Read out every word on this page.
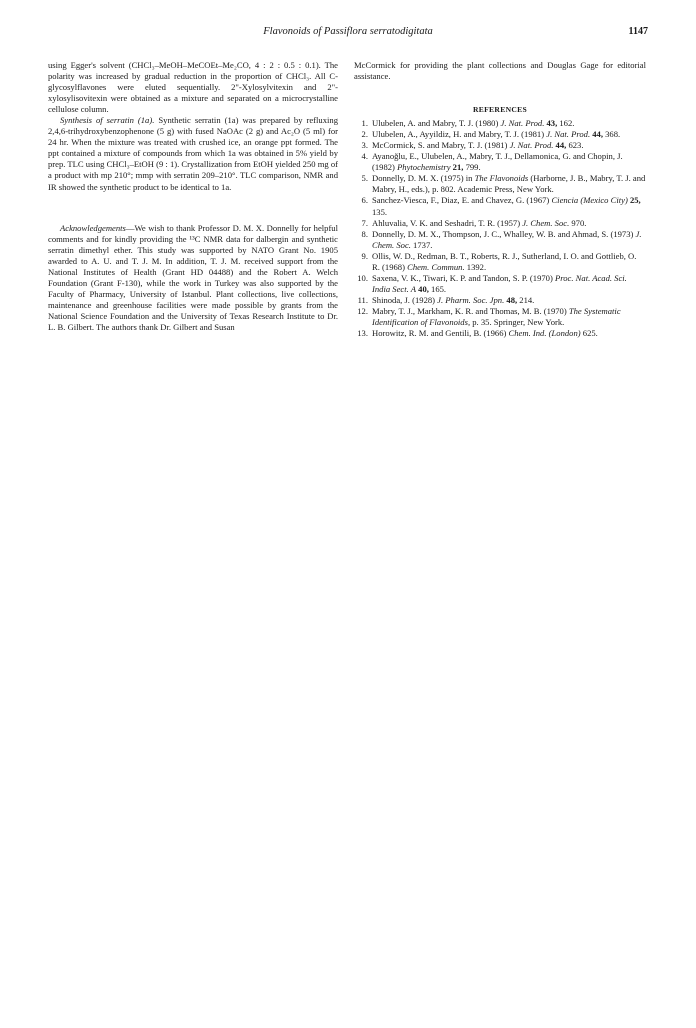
Flavonoids of Passiflora serratodigitata	1147

using Egger's solvent (CHCl₃–MeOH–MeCOEt–Me₂CO, 4 : 2 : 0.5 : 0.1). The polarity was increased by gradual reduction in the proportion of CHCl₃. All C-glycosylflavones were eluted sequentially. 2"-Xylosylvitexin and 2"-xylosylisovitexin were obtained as a mixture and separated on a microcrystalline cellulose column.

Synthesis of serratin (1a). Synthetic serratin (1a) was prepared by refluxing 2,4,6-trihydroxybenzophenone (5 g) with fused NaOAc (2 g) and Ac₂O (5 ml) for 24 hr. When the mixture was treated with crushed ice, an orange ppt formed. The ppt contained a mixture of compounds from which 1a was obtained in 5% yield by prep. TLC using CHCl₃–EtOH (9 : 1). Crystallization from EtOH yielded 250 mg of a product with mp 210°; mmp with serratin 209–210°. TLC comparison, NMR and IR showed the synthetic product to be identical to 1a.

Acknowledgements—We wish to thank Professor D. M. X. Donnelly for helpful comments and for kindly providing the ¹³C NMR data for dalbergin and synthetic serratin dimethyl ether. This study was supported by NATO Grant No. 1905 awarded to A. U. and T. J. M. In addition, T. J. M. received support from the National Institutes of Health (Grant HD 04488) and the Robert A. Welch Foundation (Grant F-130), while the work in Turkey was also supported by the Faculty of Pharmacy, University of Istanbul. Plant collections, live collections, maintenance and greenhouse facilities were made possible by grants from the National Science Foundation and the University of Texas Research Institute to Dr. L. B. Gilbert. The authors thank Dr. Gilbert and Susan

McCormick for providing the plant collections and Douglas Gage for editorial assistance.

REFERENCES
1. Ulubelen, A. and Mabry, T. J. (1980) J. Nat. Prod. 43, 162.
2. Ulubelen, A., Ayyildiz, H. and Mabry, T. J. (1981) J. Nat. Prod. 44, 368.
3. McCormick, S. and Mabry, T. J. (1981) J. Nat. Prod. 44, 623.
4. Ayanoğlu, E., Ulubelen, A., Mabry, T. J., Dellamonica, G. and Chopin, J. (1982) Phytochemistry 21, 799.
5. Donnelly, D. M. X. (1975) in The Flavonoids (Harborne, J. B., Mabry, T. J. and Mabry, H., eds.), p. 802. Academic Press, New York.
6. Sanchez-Viesca, F., Diaz, E. and Chavez, G. (1967) Ciencia (Mexico City) 25, 135.
7. Ahluvalia, V. K. and Seshadri, T. R. (1957) J. Chem. Soc. 970.
8. Donnelly, D. M. X., Thompson, J. C., Whalley, W. B. and Ahmad, S. (1973) J. Chem. Soc. 1737.
9. Ollis, W. D., Redman, B. T., Roberts, R. J., Sutherland, I. O. and Gottlieb, O. R. (1968) Chem. Commun. 1392.
10. Saxena, V. K., Tiwari, K. P. and Tandon, S. P. (1970) Proc. Nat. Acad. Sci. India Sect. A 40, 165.
11. Shinoda, J. (1928) J. Pharm. Soc. Jpn. 48, 214.
12. Mabry, T. J., Markham, K. R. and Thomas, M. B. (1970) The Systematic Identification of Flavonoids, p. 35. Springer, New York.
13. Horowitz, R. M. and Gentili, B. (1966) Chem. Ind. (London) 625.
